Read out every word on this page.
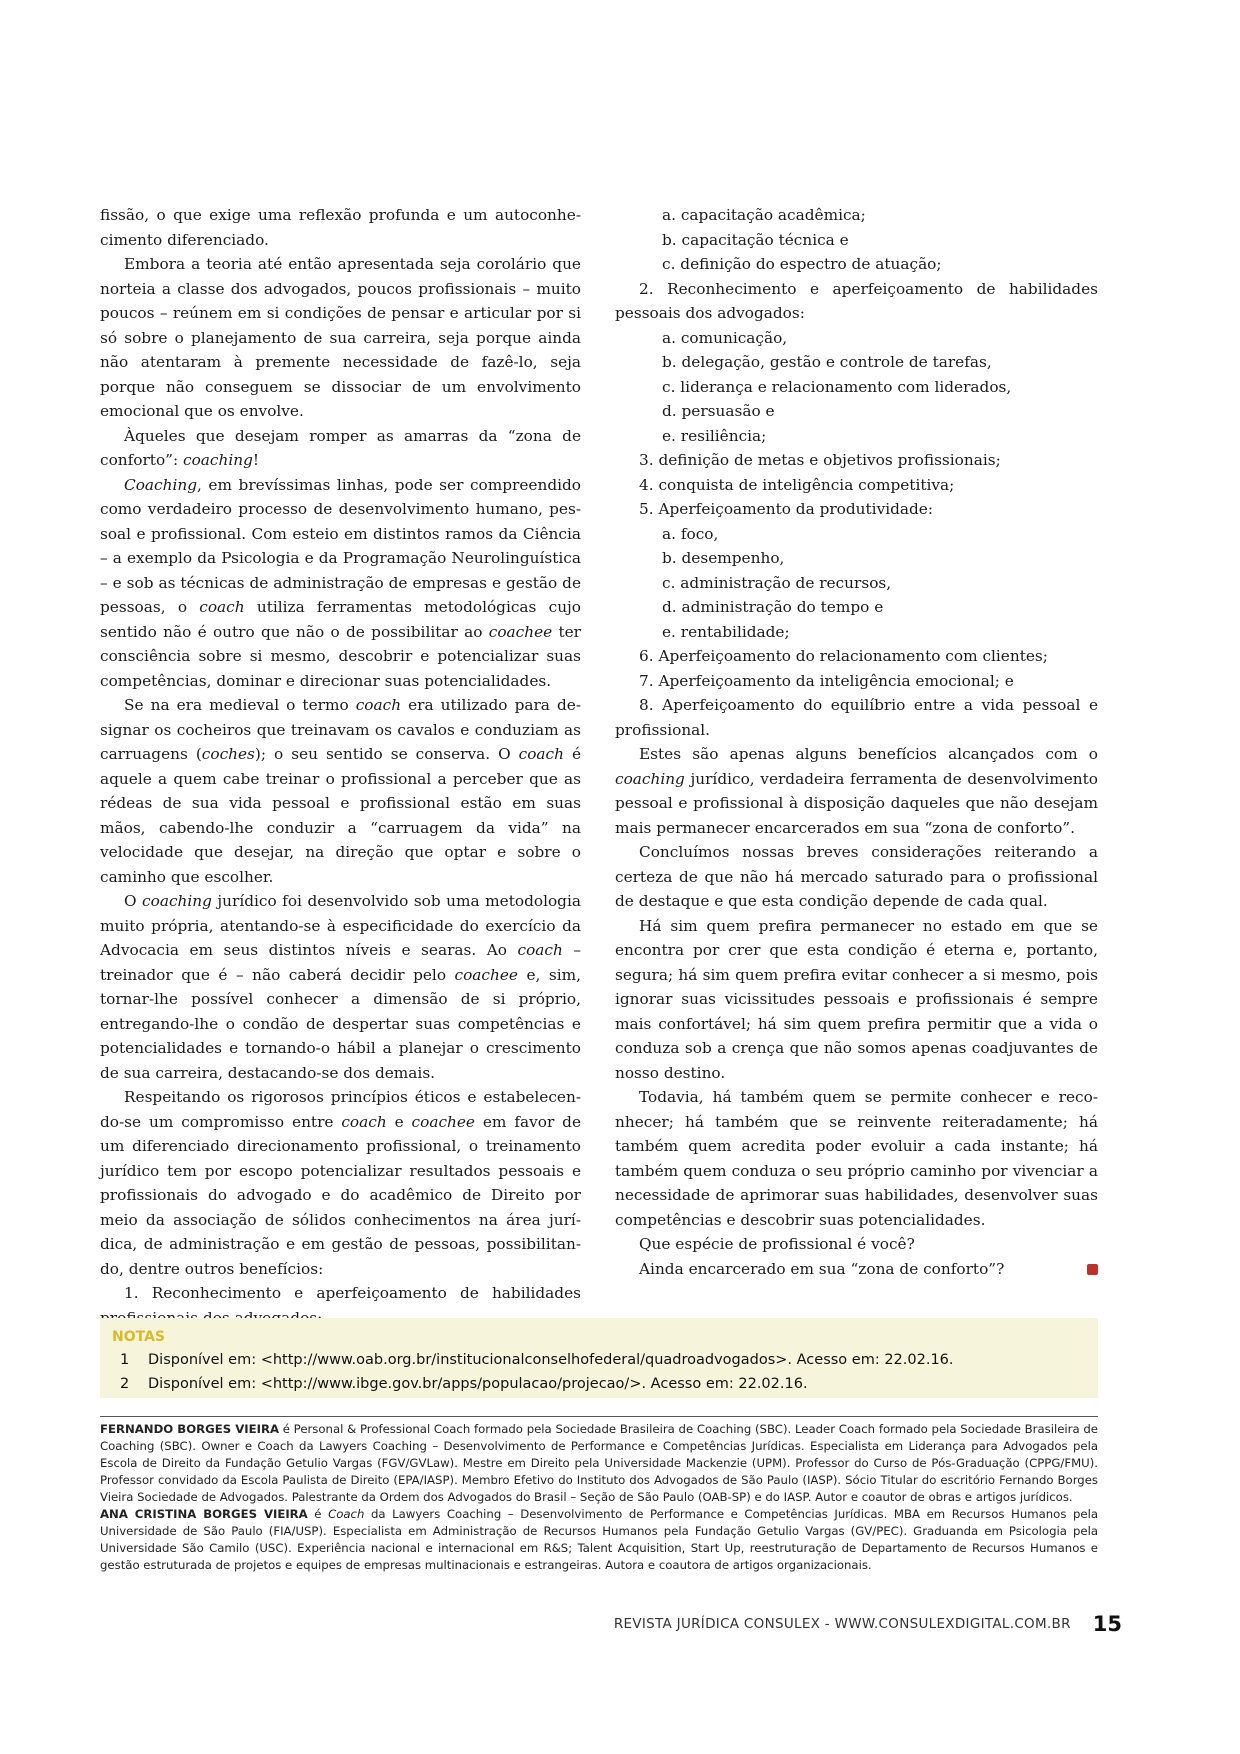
fissão, o que exige uma reflexão profunda e um autoconhecimento diferenciado.

Embora a teoria até então apresentada seja corolário que norteia a classe dos advogados, poucos profissionais – muito poucos – reúnem em si condições de pensar e articular por si só sobre o planejamento de sua carreira, seja porque ainda não atentaram à premente necessidade de fazê-lo, seja porque não conseguem se dissociar de um envolvimento emocional que os envolve.

Àqueles que desejam romper as amarras da “zona de conforto”: coaching!

Coaching, em brevíssimas linhas, pode ser compreendido como verdadeiro processo de desenvolvimento humano, pessoal e profissional. Com esteio em distintos ramos da Ciência – a exemplo da Psicologia e da Programação Neurolinguística – e sob as técnicas de administração de empresas e gestão de pessoas, o coach utiliza ferramentas metodológicas cujo sentido não é outro que não o de possibilitar ao coachee ter consciência sobre si mesmo, descobrir e potencializar suas competências, dominar e direcionar suas potencialidades.

Se na era medieval o termo coach era utilizado para designar os cocheiros que treinavam os cavalos e conduziam as carruagens (coches); o seu sentido se conserva. O coach é aquele a quem cabe treinar o profissional a perceber que as rédeas de sua vida pessoal e profissional estão em suas mãos, cabendo-lhe conduzir a “carruagem da vida” na velocidade que desejar, na direção que optar e sobre o caminho que escolher.

O coaching jurídico foi desenvolvido sob uma metodologia muito própria, atentando-se à especificidade do exercício da Advocacia em seus distintos níveis e searas. Ao coach – treinador que é – não caberá decidir pelo coachee e, sim, tornar-lhe possível conhecer a dimensão de si próprio, entregando-lhe o condão de despertar suas competências e potencialidades e tornando-o hábil a planejar o crescimento de sua carreira, destacando-se dos demais.

Respeitando os rigorosos princípios éticos e estabelecendo-se um compromisso entre coach e coachee em favor de um diferenciado direcionamento profissional, o treinamento jurídico tem por escopo potencializar resultados pessoais e profissionais do advogado e do acadêmico de Direito por meio da associação de sólidos conhecimentos na área jurídica, de administração e em gestão de pessoas, possibilitando, dentre outros benefícios:

1. Reconhecimento e aperfeiçoamento de habilidades

a. capacitação acadêmica;

b. capacitação técnica e

c. definição do espectro de atuação;

2. Reconhecimento e aperfeiçoamento de habilidades pessoais dos advogados:

a. comunicação,

b. delegação, gestão e controle de tarefas,

c. liderança e relacionamento com liderados,

d. persuasão e

e. resiliência;

3. definição de metas e objetivos profissionais;

4. conquista de inteligência competitiva;

5. Aperfeiçoamento da produtividade:

a. foco,

b. desempenho,

c. administração de recursos,

d. administração do tempo e

e. rentabilidade;

6. Aperfeiçoamento do relacionamento com clientes;

7. Aperfeiçoamento da inteligência emocional; e

8. Aperfeiçoamento do equilíbrio entre a vida pessoal e profissional.

Estes são apenas alguns benefícios alcançados com o coaching jurídico, verdadeira ferramenta de desenvolvimento pessoal e profissional à disposição daqueles que não desejam mais permanecer encarcerados em sua “zona de conforto”.

Concluímos nossas breves considerações reiterando a certeza de que não há mercado saturado para o profissional de destaque e que esta condição depende de cada qual.

Há sim quem prefira permanecer no estado em que se encontra por crer que esta condição é eterna e, portanto, segura; há sim quem prefira evitar conhecer a si mesmo, pois ignorar suas vicissitudes pessoais e profissionais é sempre mais confortável; há sim quem prefira permitir que a vida o conduza sob a crença que não somos apenas coadjuvantes de nosso destino.

Todavia, há também quem se permite conhecer e reconhecer; há também que se reinvente reiteradamente; há também quem acredita poder evoluir a cada instante; há também quem conduza o seu próprio caminho por vivenciar a necessidade de aprimorar suas habilidades, desenvolver suas competências e descobrir suas potencialidades.

Que espécie de profissional é você?

Ainda encarcerado em sua “zona de conforto”?

NOTAS
1 Disponível em: <http://www.oab.org.br/institucionalconselhofederal/quadroadvogados>. Acesso em: 22.02.16.
2 Disponível em: <http://www.ibge.gov.br/apps/populacao/projecao/>. Acesso em: 22.02.16.

FERNANDO BORGES VIEIRA é Personal & Professional Coach formado pela Sociedade Brasileira de Coaching (SBC). Leader Coach formado pela Sociedade Brasileira de Coaching (SBC). Owner e Coach da Lawyers Coaching – Desenvolvimento de Performance e Competências Jurídicas. Especialista em Liderança para Advogados pela Escola de Direito da Fundação Getulio Vargas (FGV/GVLaw). Mestre em Direito pela Universidade Mackenzie (UPM). Professor do Curso de Pós-Graduação (CPPG/FMU). Professor convidado da Escola Paulista de Direito (EPA/IASP). Membro Efetivo do Instituto dos Advogados de São Paulo (IASP). Sócio Titular do escritório Fernando Borges Vieira Sociedade de Advogados. Palestrante da Ordem dos Advogados do Brasil – Seção de São Paulo (OAB-SP) e do IASP. Autor e coautor de obras e artigos jurídicos.

ANA CRISTINA BORGES VIEIRA é Coach da Lawyers Coaching – Desenvolvimento de Performance e Competências Jurídicas. MBA em Recursos Humanos pela Universidade de São Paulo (FIA/USP). Especialista em Administração de Recursos Humanos pela Fundação Getulio Vargas (GV/PEC). Graduanda em Psicologia pela Universidade São Camilo (USC). Experiência nacional e internacional em R&S; Talent Acquisition, Start Up, reestruturação de Departamento de Recursos Humanos e gestão estruturada de projetos e equipes de empresas multinacionais e estrangeiras. Autora e coautora de artigos organizacionais.

REVISTA JURÍDICA CONSULEX - WWW.CONSULEXDIGITAL.COM.BR 15
